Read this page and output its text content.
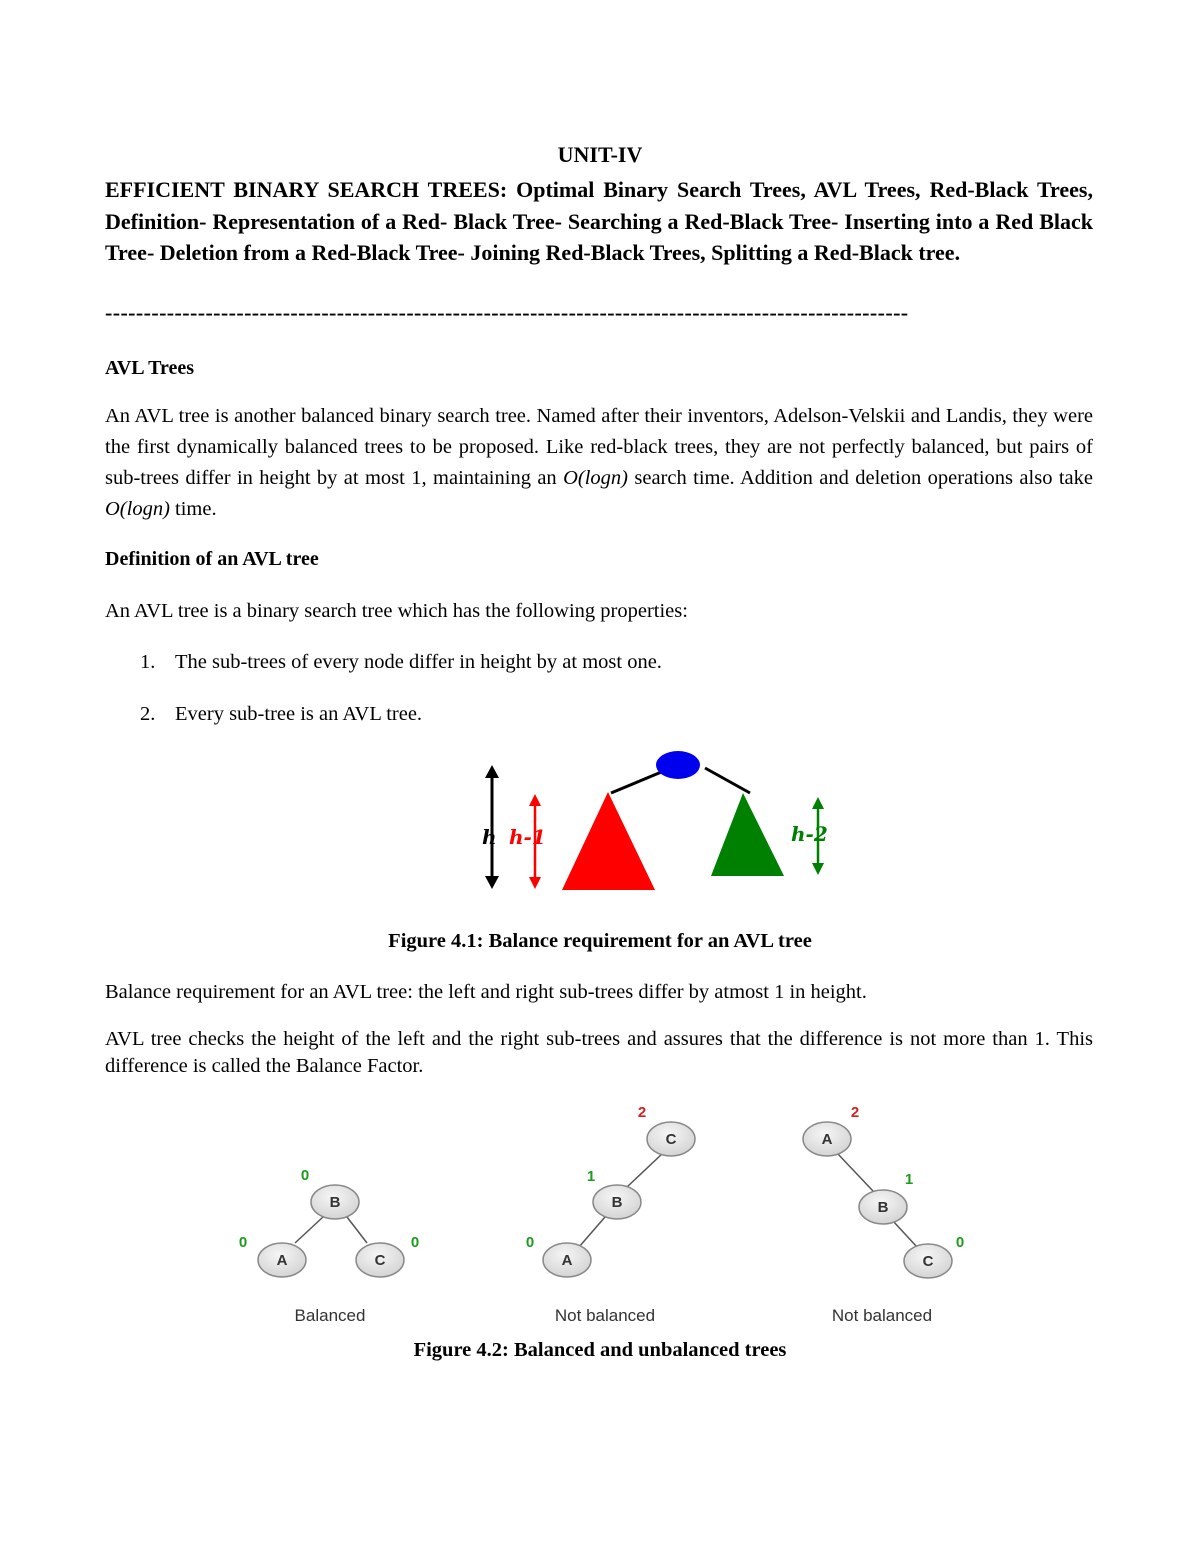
UNIT-IV
EFFICIENT BINARY SEARCH TREES: Optimal Binary Search Trees, AVL Trees, Red-Black Trees, Definition- Representation of a Red- Black Tree- Searching a Red-Black Tree- Inserting into a Red Black Tree- Deletion from a Red-Black Tree- Joining Red-Black Trees, Splitting a Red-Black tree.
--------------------------------------------------------------------------------------------------------
AVL Trees
An AVL tree is another balanced binary search tree. Named after their inventors, Adelson-Velskii and Landis, they were the first dynamically balanced trees to be proposed. Like red-black trees, they are not perfectly balanced, but pairs of sub-trees differ in height by at most 1, maintaining an O(logn) search time. Addition and deletion operations also take O(logn) time.
Definition of an AVL tree
An AVL tree is a binary search tree which has the following properties:
1. The sub-trees of every node differ in height by at most one.
2. Every sub-tree is an AVL tree.
h h-1	h-2
Figure 4.1: Balance requirement for an AVL tree
Balance requirement for an AVL tree: the left and right sub-trees differ by atmost 1 in height.
AVL tree checks the height of the left and the right sub-trees and assures that the difference is not more than 1. This difference is called the Balance Factor.
B
0
A
0
C
0
Balanced
C
2
B
1
A
0
Not balanced
A
2
B
1
C
0
Not balanced
Figure 4.2: Balanced and unbalanced trees
